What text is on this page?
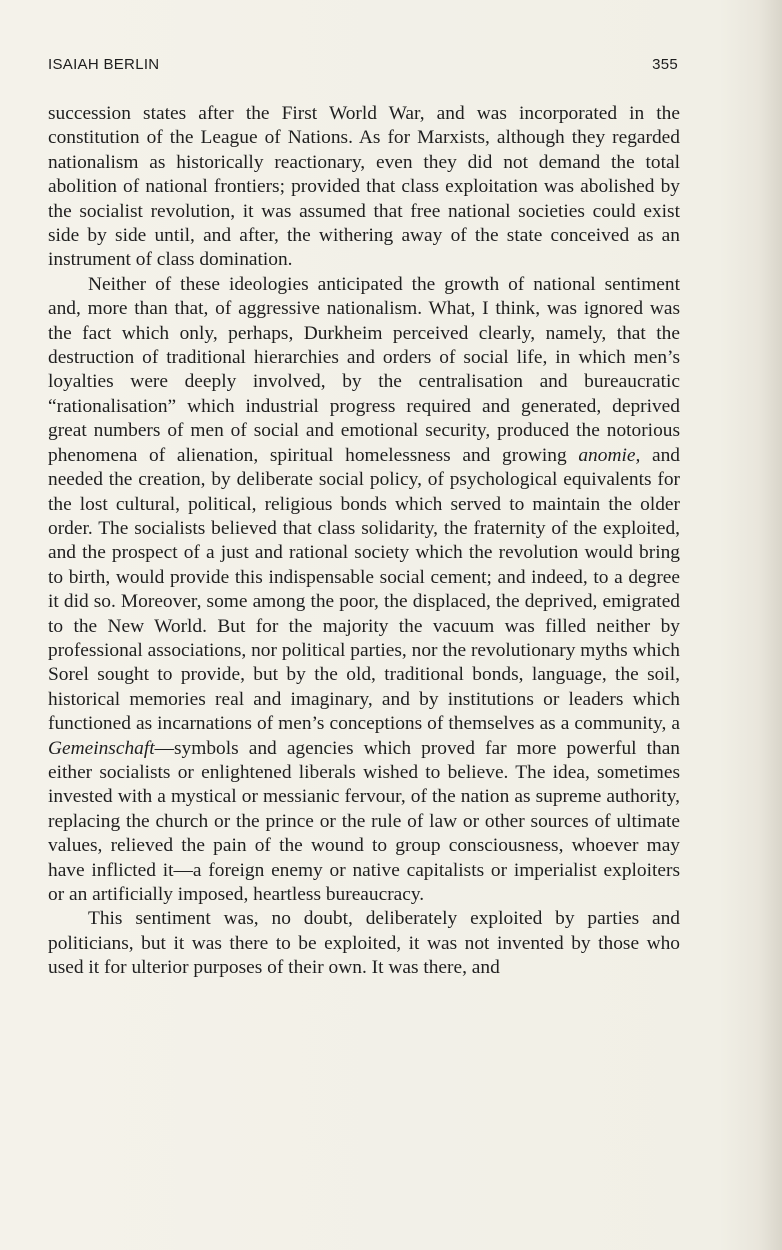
ISAIAH BERLIN	355

succession states after the First World War, and was incorporated in the constitution of the League of Nations. As for Marxists, although they regarded nationalism as historically reactionary, even they did not demand the total abolition of national frontiers; provided that class exploitation was abolished by the socialist revolution, it was assumed that free national societies could exist side by side until, and after, the withering away of the state conceived as an instrument of class domination.

Neither of these ideologies anticipated the growth of national sentiment and, more than that, of aggressive nationalism. What, I think, was ignored was the fact which only, perhaps, Durkheim perceived clearly, namely, that the destruction of traditional hierarchies and orders of social life, in which men’s loyalties were deeply involved, by the centralisation and bureaucratic “rationalisation” which industrial progress required and generated, deprived great numbers of men of social and emotional security, produced the notorious phenomena of alienation, spiritual homelessness and growing anomie, and needed the creation, by deliberate social policy, of psychological equivalents for the lost cultural, political, religious bonds which served to maintain the older order. The socialists believed that class solidarity, the fraternity of the exploited, and the prospect of a just and rational society which the revolution would bring to birth, would provide this indispensable social cement; and indeed, to a degree it did so. Moreover, some among the poor, the displaced, the deprived, emigrated to the New World. But for the majority the vacuum was filled neither by professional associations, nor political parties, nor the revolutionary myths which Sorel sought to provide, but by the old, traditional bonds, language, the soil, historical memories real and imaginary, and by institutions or leaders which functioned as incarnations of men’s conceptions of themselves as a community, a Gemeinschaft—symbols and agencies which proved far more powerful than either socialists or enlightened liberals wished to believe. The idea, sometimes invested with a mystical or messianic fervour, of the nation as supreme authority, replacing the church or the prince or the rule of law or other sources of ultimate values, relieved the pain of the wound to group consciousness, whoever may have inflicted it—a foreign enemy or native capitalists or imperialist exploiters or an artificially imposed, heartless bureaucracy.

This sentiment was, no doubt, deliberately exploited by parties and politicians, but it was there to be exploited, it was not invented by those who used it for ulterior purposes of their own. It was there, and
